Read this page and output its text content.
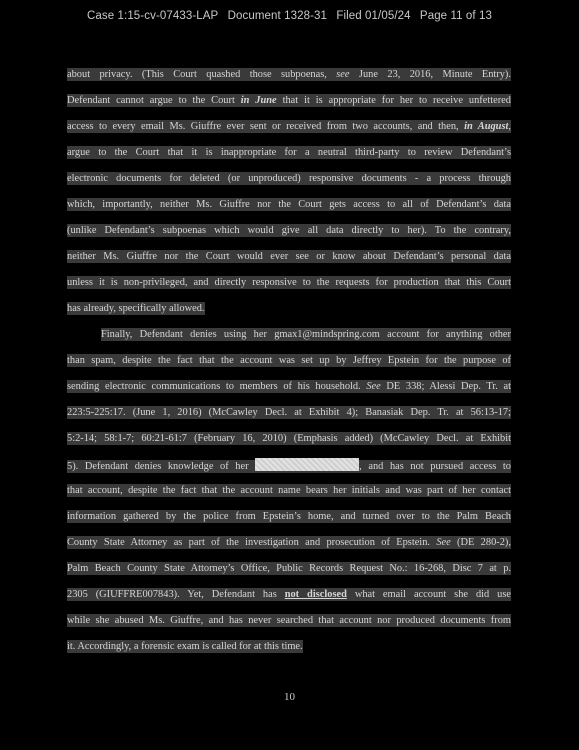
Case 1:15-cv-07433-LAP Document 1328-31 Filed 01/05/24 Page 11 of 13
about privacy. (This Court quashed those subpoenas, see June 23, 2016, Minute Entry).
Defendant cannot argue to the Court in June that it is appropriate for her to receive unfettered
access to every email Ms. Giuffre ever sent or received from two accounts, and then, in August,
argue to the Court that it is inappropriate for a neutral third-party to review Defendant’s
electronic documents for deleted (or unproduced) responsive documents - a process through
which, importantly, neither Ms. Giuffre nor the Court gets access to all of Defendant’s data
(unlike Defendant’s subpoenas which would give all data directly to her). To the contrary,
neither Ms. Giuffre nor the Court would ever see or know about Defendant’s personal data
unless it is non-privileged, and directly responsive to the requests for production that this Court
has already, specifically allowed.
Finally, Defendant denies using her gmax1@mindspring.com account for anything other
than spam, despite the fact that the account was set up by Jeffrey Epstein for the purpose of
sending electronic communications to members of his household. See DE 338; Alessi Dep. Tr. at
223:5-225:17. (June 1, 2016) (McCawley Decl. at Exhibit 4); Banasiak Dep. Tr. at 56:13-17;
5:2-14; 58:1-7; 60:21-61:7 (February 16, 2010) (Emphasis added) (McCawley Decl. at Exhibit
5). Defendant denies knowledge of her	, and has not pursued access to
that account, despite the fact that the account name bears her initials and was part of her contact
information gathered by the police from Epstein’s home, and turned over to the Palm Beach
County State Attorney as part of the investigation and prosecution of Epstein. See (DE 280-2),
Palm Beach County State Attorney’s Office, Public Records Request No.: 16-268, Disc 7 at p.
2305 (GIUFFRE007843). Yet, Defendant has not disclosed what email account she did use
while she abused Ms. Giuffre, and has never searched that account nor produced documents from
it. Accordingly, a forensic exam is called for at this time.
10
